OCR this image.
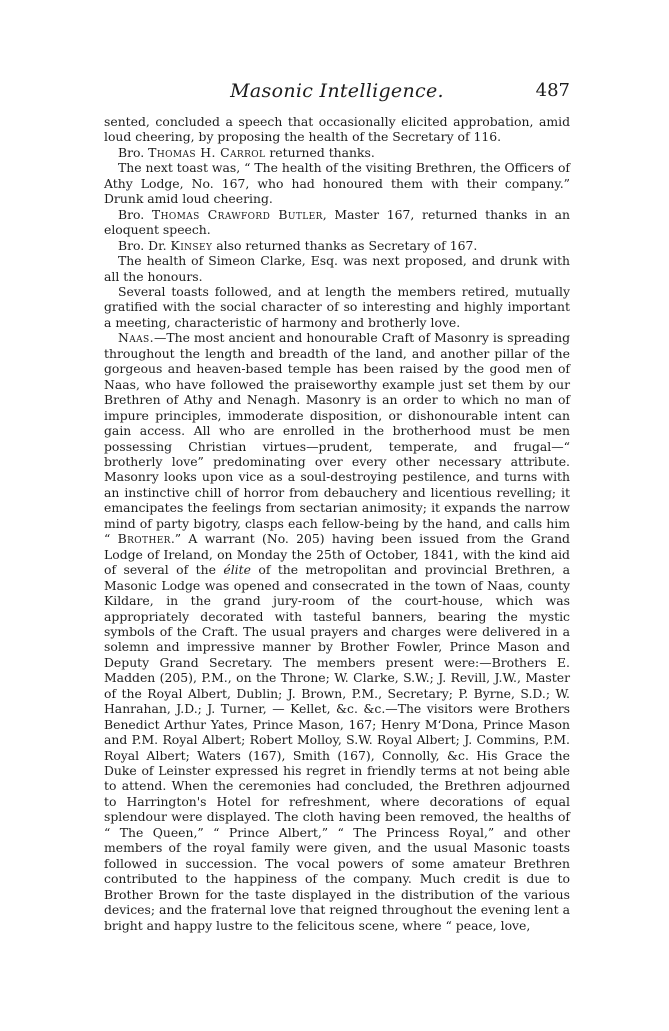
Masonic Intelligence.	487

sented, concluded a speech that occasionally elicited approbation, amid loud cheering, by proposing the health of the Secretary of 116.

Bro. Thomas H. Carrol returned thanks.

The next toast was, “ The health of the visiting Brethren, the Officers of Athy Lodge, No. 167, who had honoured them with their company.” Drunk amid loud cheering.

Bro. Thomas Crawford Butler, Master 167, returned thanks in an eloquent speech.

Bro. Dr. Kinsey also returned thanks as Secretary of 167.

The health of Simeon Clarke, Esq. was next proposed, and drunk with all the honours.

Several toasts followed, and at length the members retired, mutually gratified with the social character of so interesting and highly important a meeting, characteristic of harmony and brotherly love.

Naas.—The most ancient and honourable Craft of Masonry is spreading throughout the length and breadth of the land, and another pillar of the gorgeous and heaven-based temple has been raised by the good men of Naas, who have followed the praiseworthy example just set them by our Brethren of Athy and Nenagh. Masonry is an order to which no man of impure principles, immoderate disposition, or dishonourable intent can gain access. All who are enrolled in the brotherhood must be men possessing Christian virtues—prudent, temperate, and frugal—“ brotherly love” predominating over every other necessary attribute. Masonry looks upon vice as a soul-destroying pestilence, and turns with an instinctive chill of horror from debauchery and licentious revelling; it emancipates the feelings from sectarian animosity; it expands the narrow mind of party bigotry, clasps each fellow-being by the hand, and calls him “ Brother.” A warrant (No. 205) having been issued from the Grand Lodge of Ireland, on Monday the 25th of October, 1841, with the kind aid of several of the élite of the metropolitan and provincial Brethren, a Masonic Lodge was opened and consecrated in the town of Naas, county Kildare, in the grand jury-room of the court-house, which was appropriately decorated with tasteful banners, bearing the mystic symbols of the Craft. The usual prayers and charges were delivered in a solemn and impressive manner by Brother Fowler, Prince Mason and Deputy Grand Secretary. The members present were:—Brothers E. Madden (205), P.M., on the Throne; W. Clarke, S.W.; J. Revill, J.W., Master of the Royal Albert, Dublin; J. Brown, P.M., Secretary; P. Byrne, S.D.; W. Hanrahan, J.D.; J. Turner, — Kellet, &c. &c.—The visitors were Brothers Benedict Arthur Yates, Prince Mason, 167; Henry M‘Dona, Prince Mason and P.M. Royal Albert; Robert Molloy, S.W. Royal Albert; J. Commins, P.M. Royal Albert; Waters (167), Smith (167), Connolly, &c. His Grace the Duke of Leinster expressed his regret in friendly terms at not being able to attend. When the ceremonies had concluded, the Brethren adjourned to Harrington's Hotel for refreshment, where decorations of equal splendour were displayed. The cloth having been removed, the healths of “ The Queen,” “ Prince Albert,” “ The Princess Royal,” and other members of the royal family were given, and the usual Masonic toasts followed in succession. The vocal powers of some amateur Brethren contributed to the happiness of the company. Much credit is due to Brother Brown for the taste displayed in the distribution of the various devices; and the fraternal love that reigned throughout the evening lent a bright and happy lustre to the felicitous scene, where “ peace, love,
